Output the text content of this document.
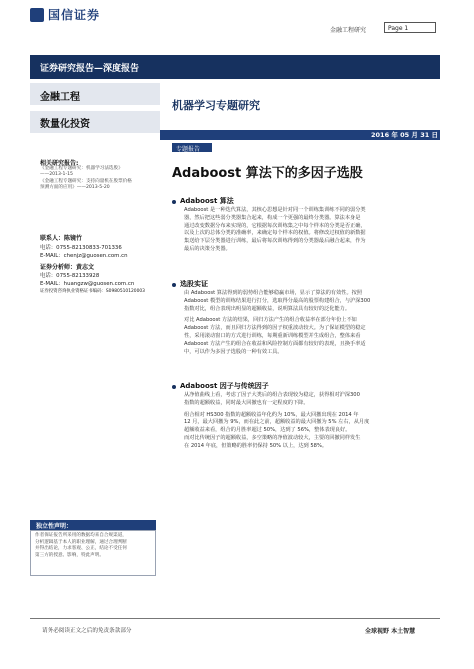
国信证券
金融工程研究	Page 1
证券研究报告—深度报告
金融工程
数量化投资
机器学习专题研究
2016 年 05 月 31 日
专题报告
相关研究报告:
《金融工程专题研究：机器学习法选股》
——2013-1-15
《金融工程专题研究：支持向量机在股票价格
预测方面的应用》——2013-5-20
联系人：陈镜竹
电话：0755-82130833-701336
E-MAIL：chenjz@guosen.com.cn
证券分析师：黄志文
电话：0755-82133928
E-MAIL：huangzw@guosen.com.cn
证券投资咨询执业资格证书编码：S0980510120003
Adaboost 算法下的多因子选股
Adaboost 算法
Adaboost 是一种迭代算法，其核心思想是针对同一个训练集训练不同的弱分类
器，然后把这些弱分类器集合起来，构成一个更强的最终分类器。算法本身是
通过改变数据分布来实现的，它根据每次训练集之中每个样本的分类是否正确，
以及上次的总体分类的准确率，来确定每个样本的权值。将修改过权值的新数据
集送给下层分类器进行训练，最后将每次训练得到的分类器最后融合起来，作为
最后的决策分类器。
选股实证
由 Adaboost 算法得到的弱势组合能够稳赢市场，显示了算法的有效性。按照
Adaboost 模型的训练结果进行打分，选取得分最高的股票构建组合，与沪深300
指数对比，组合表现出明显的超额收益，说明算法具有较好的泛化能力。
对比 Adaboost 方法的结果，回归方法产生的组合收益率在部分年份上不如
Adaboost 方法，而且回归方法得到的因子权重波动较大。为了保证模型的稳定
性，采用滚动窗口的方式进行训练，每期重新训练模型并生成组合，整体来看
Adaboost 方法产生的组合在收益和风险控制方面都有较好的表现，且换手率适
中，可以作为多因子选股的一种有效工具。
Adaboost 因子与传统因子
从净值曲线上看，考虑了因子大类后的组合表现较为稳定，获得相对沪深300
指数的超额收益，同时最大回撤也有一定程度的下降。
组合相对 HS300 指数的超额收益年化约为 10%，最大回撤出现在 2014 年
12 月，最大回撤为 9%，而在此之前，超额收益的最大回撤为 5% 左右，从月度
超额收益来看，组合的月胜率超过 50%，达到了 56%，整体表现良好。
而对比传统因子的超额收益，多空策略的净值波动较大，主要的回撤同样发生
在 2014 年底，但策略的胜率仍保持 50% 以上，达到 58%。
独立性声明：
作者保证报告所采用的数据均来自合规渠道，
分析逻辑基于本人的职业理解，通过合理判断
并得出结论，力求客观、公正，结论不受任何
第三方的授意、影响，特此声明。
请务必阅读正文之后的免责条款部分	全球视野 本土智慧
